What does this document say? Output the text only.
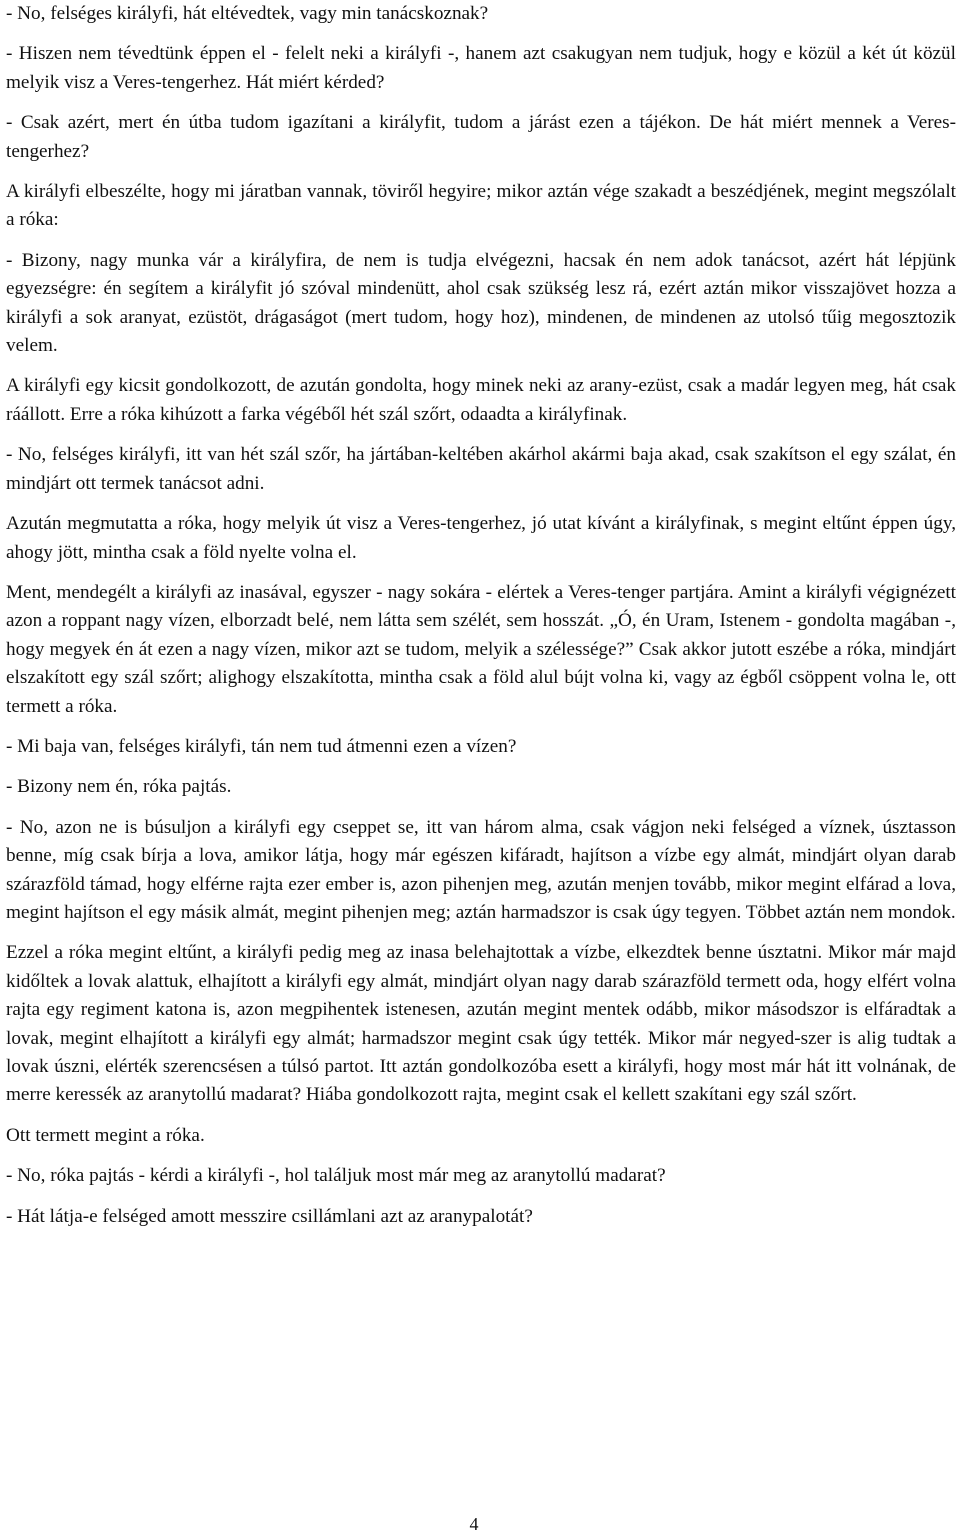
- No, felséges királyfi, hát eltévedtek, vagy min tanácskoznak?

- Hiszen nem tévedtünk éppen el - felelt neki a királyfi -, hanem azt csakugyan nem tudjuk, hogy e közül a két út közül melyik visz a Veres-tengerhez. Hát miért kérded?

- Csak azért, mert én útba tudom igazítani a királyfit, tudom a járást ezen a tájékon. De hát miért mennek a Veres-tengerhez?

A királyfi elbeszélte, hogy mi járatban vannak, töviről hegyire; mikor aztán vége szakadt a beszédjének, megint megszólalt a róka:

- Bizony, nagy munka vár a királyfira, de nem is tudja elvégezni, hacsak én nem adok tanácsot, azért hát lépjünk egyezségre: én segítem a királyfit jó szóval mindenütt, ahol csak szükség lesz rá, ezért aztán mikor visszajövet hozza a királyfi a sok aranyat, ezüstöt, drágaságot (mert tudom, hogy hoz), mindenen, de mindenen az utolsó tűig megosztozik velem.

A királyfi egy kicsit gondolkozott, de azután gondolta, hogy minek neki az arany-ezüst, csak a madár legyen meg, hát csak ráállott. Erre a róka kihúzott a farka végéből hét szál szőrt, odaadta a királyfinak.

- No, felséges királyfi, itt van hét szál szőr, ha jártában-keltében akárhol akármi baja akad, csak szakítson el egy szálat, én mindjárt ott termek tanácsot adni.

Azután megmutatta a róka, hogy melyik út visz a Veres-tengerhez, jó utat kívánt a királyfinak, s megint eltűnt éppen úgy, ahogy jött, mintha csak a föld nyelte volna el.

Ment, mendegélt a királyfi az inasával, egyszer - nagy sokára - elértek a Veres-tenger partjára. Amint a királyfi végignézett azon a roppant nagy vízen, elborzadt belé, nem látta sem szélét, sem hosszát. „Ó, én Uram, Istenem - gondolta magában -, hogy megyek én át ezen a nagy vízen, mikor azt se tudom, melyik a szélessége?” Csak akkor jutott eszébe a róka, mindjárt elszakított egy szál szőrt; alighogy elszakította, mintha csak a föld alul bújt volna ki, vagy az égből csöppent volna le, ott termett a róka.

- Mi baja van, felséges királyfi, tán nem tud átmenni ezen a vízen?

- Bizony nem én, róka pajtás.

- No, azon ne is búsuljon a királyfi egy cseppet se, itt van három alma, csak vágjon neki felséged a víznek, úsztasson benne, míg csak bírja a lova, amikor látja, hogy már egészen kifáradt, hajítson a vízbe egy almát, mindjárt olyan darab szárazföld támad, hogy elférne rajta ezer ember is, azon pihenjen meg, azután menjen tovább, mikor megint elfárad a lova, megint hajítson el egy másik almát, megint pihenjen meg; aztán harmadszor is csak úgy tegyen. Többet aztán nem mondok.

Ezzel a róka megint eltűnt, a királyfi pedig meg az inasa belehajtottak a vízbe, elkezdtek benne úsztatni. Mikor már majd kidőltek a lovak alattuk, elhajított a királyfi egy almát, mindjárt olyan nagy darab szárazföld termett oda, hogy elfért volna rajta egy regiment katona is, azon megpihentek istenesen, azután megint mentek odább, mikor másodszor is elfáradtak a lovak, megint elhajított a királyfi egy almát; harmadszor megint csak úgy tették. Mikor már negyed-szer is alig tudtak a lovak úszni, elérték szerencsésen a túlsó partot. Itt aztán gondolkozóba esett a királyfi, hogy most már hát itt volnának, de merre keressék az aranytollú madarat? Hiába gondolkozott rajta, megint csak el kellett szakítani egy szál szőrt.

Ott termett megint a róka.

- No, róka pajtás - kérdi a királyfi -, hol találjuk most már meg az aranytollú madarat?

- Hát látja-e felséged amott messzire csillámlani azt az aranypalotát?

4
